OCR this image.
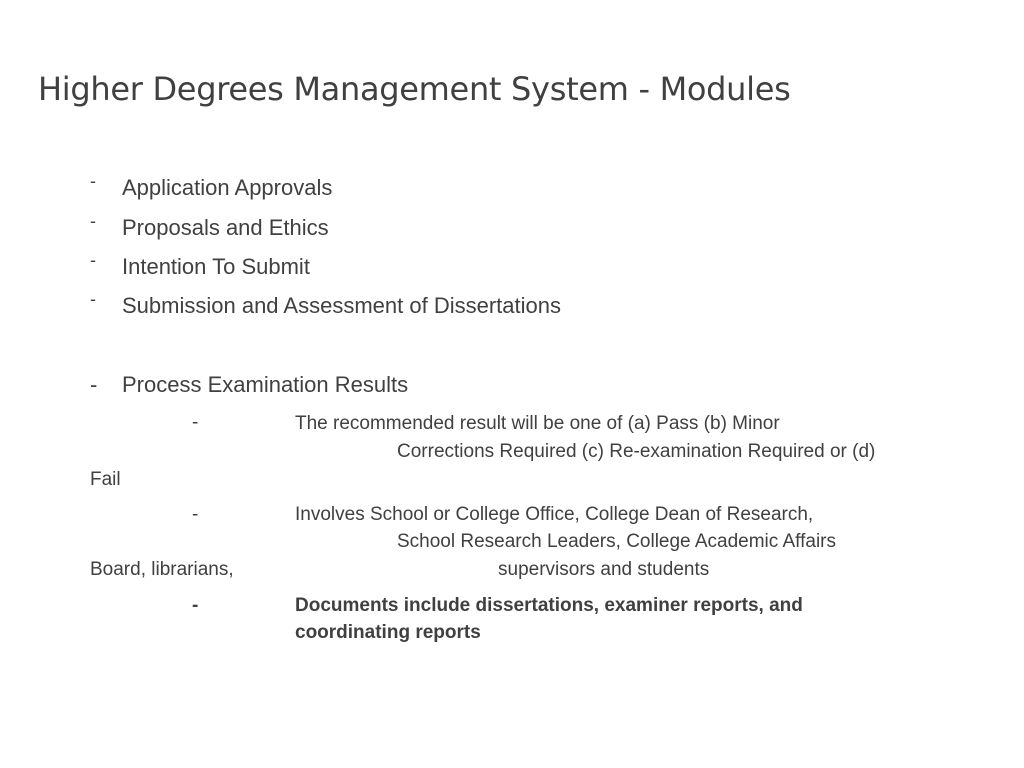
Higher Degrees Management System - Modules
- Application Approvals
- Proposals and Ethics
- Intention To Submit
- Submission and Assessment of Dissertations
- Process Examination Results
-	The recommended result will be one of (a) Pass (b) Minor
Corrections Required (c) Re-examination Required or (d)
Fail
-	Involves School or College Office, College Dean of Research,
School Research Leaders, College Academic Affairs
Board, librarians,	supervisors and students
-	Documents include dissertations, examiner reports, and
coordinating reports
